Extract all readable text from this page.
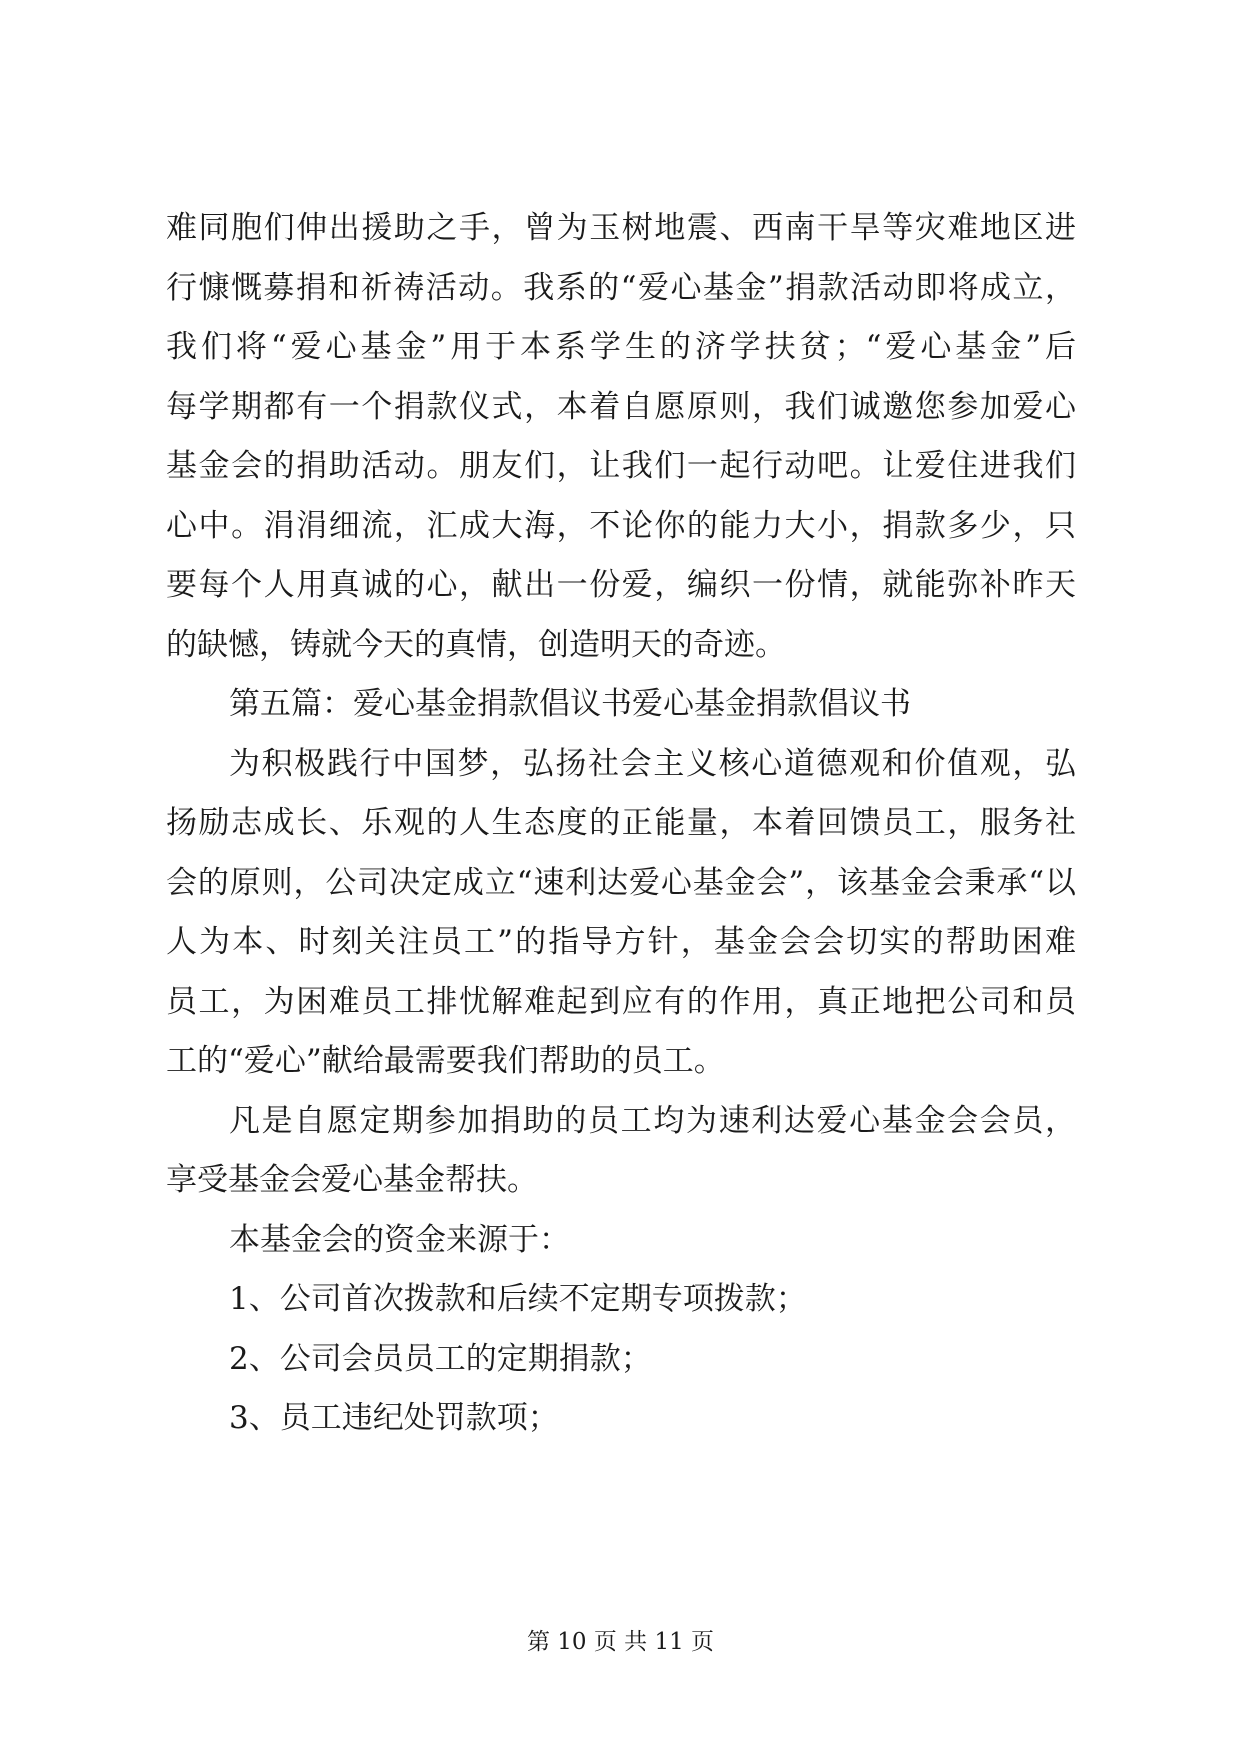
难同胞们伸出援助之手，曾为玉树地震、西南干旱等灾难地区进

行慷慨募捐和祈祷活动。我系的“爱心基金”捐款活动即将成立，

我们将“爱心基金”用于本系学生的济学扶贫；“爱心基金”后

每学期都有一个捐款仪式，本着自愿原则，我们诚邀您参加爱心

基金会的捐助活动。朋友们，让我们一起行动吧。让爱住进我们

心中。涓涓细流，汇成大海，不论你的能力大小，捐款多少，只

要每个人用真诚的心，献出一份爱，编织一份情，就能弥补昨天

的缺憾，铸就今天的真情，创造明天的奇迹。

第五篇：爱心基金捐款倡议书爱心基金捐款倡议书

为积极践行中国梦，弘扬社会主义核心道德观和价值观，弘

扬励志成长、乐观的人生态度的正能量，本着回馈员工，服务社

会的原则，公司决定成立“速利达爱心基金会”，该基金会秉承“以

人为本、时刻关注员工”的指导方针，基金会会切实的帮助困难

员工，为困难员工排忧解难起到应有的作用，真正地把公司和员

工的“爱心”献给最需要我们帮助的员工。

凡是自愿定期参加捐助的员工均为速利达爱心基金会会员，

享受基金会爱心基金帮扶。

本基金会的资金来源于：

1、公司首次拨款和后续不定期专项拨款；

2、公司会员员工的定期捐款；

3、员工违纪处罚款项；

第 10 页 共 11 页
